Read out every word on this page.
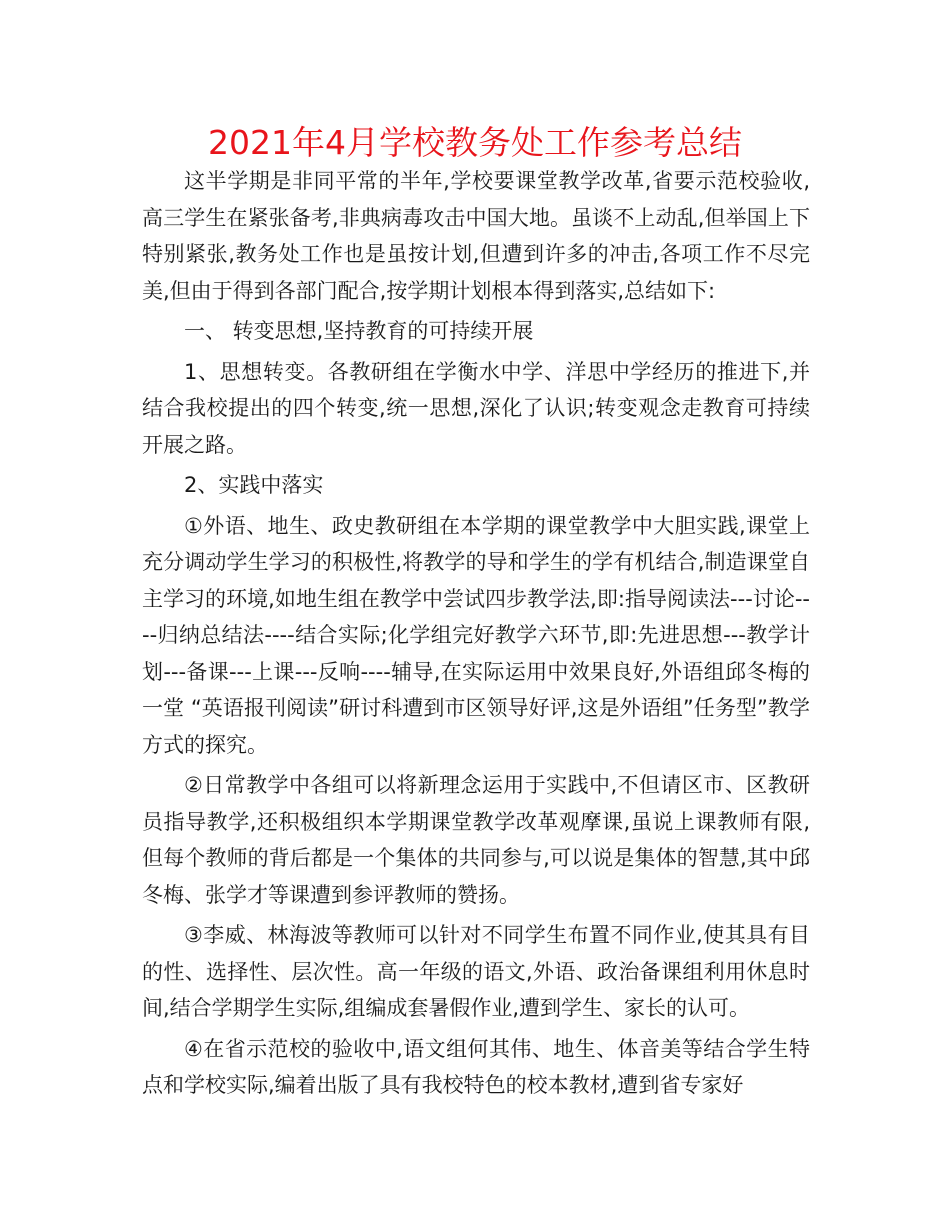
2021年4月学校教务处工作参考总结

这半学期是非同平常的半年,学校要课堂教学改革,省要示范校验收,高三学生在紧张备考,非典病毒攻击中国大地。虽谈不上动乱,但举国上下特别紧张,教务处工作也是虽按计划,但遭到许多的冲击,各项工作不尽完美,但由于得到各部门配合,按学期计划根本得到落实,总结如下:

一、 转变思想,坚持教育的可持续开展

1、思想转变。各教研组在学衡水中学、洋思中学经历的推进下,并结合我校提出的四个转变,统一思想,深化了认识;转变观念走教育可持续开展之路。

2、实践中落实

①外语、地生、政史教研组在本学期的课堂教学中大胆实践,课堂上充分调动学生学习的积极性,将教学的导和学生的学有机结合,制造课堂自主学习的环境,如地生组在教学中尝试四步教学法,即:指导阅读法---讨论----归纳总结法----结合实际;化学组完好教学六环节,即:先进思想---教学计划---备课---上课---反响----辅导,在实际运用中效果良好,外语组邱冬梅的一堂 “英语报刊阅读”研讨科遭到市区领导好评,这是外语组”任务型”教学方式的探究。

②日常教学中各组可以将新理念运用于实践中,不但请区市、区教研员指导教学,还积极组织本学期课堂教学改革观摩课,虽说上课教师有限,但每个教师的背后都是一个集体的共同参与,可以说是集体的智慧,其中邱冬梅、张学才等课遭到参评教师的赞扬。

③李威、林海波等教师可以针对不同学生布置不同作业,使其具有目的性、选择性、层次性。高一年级的语文,外语、政治备课组利用休息时间,结合学期学生实际,组编成套暑假作业,遭到学生、家长的认可。

④在省示范校的验收中,语文组何其伟、地生、体音美等结合学生特点和学校实际,编着出版了具有我校特色的校本教材,遭到省专家好
